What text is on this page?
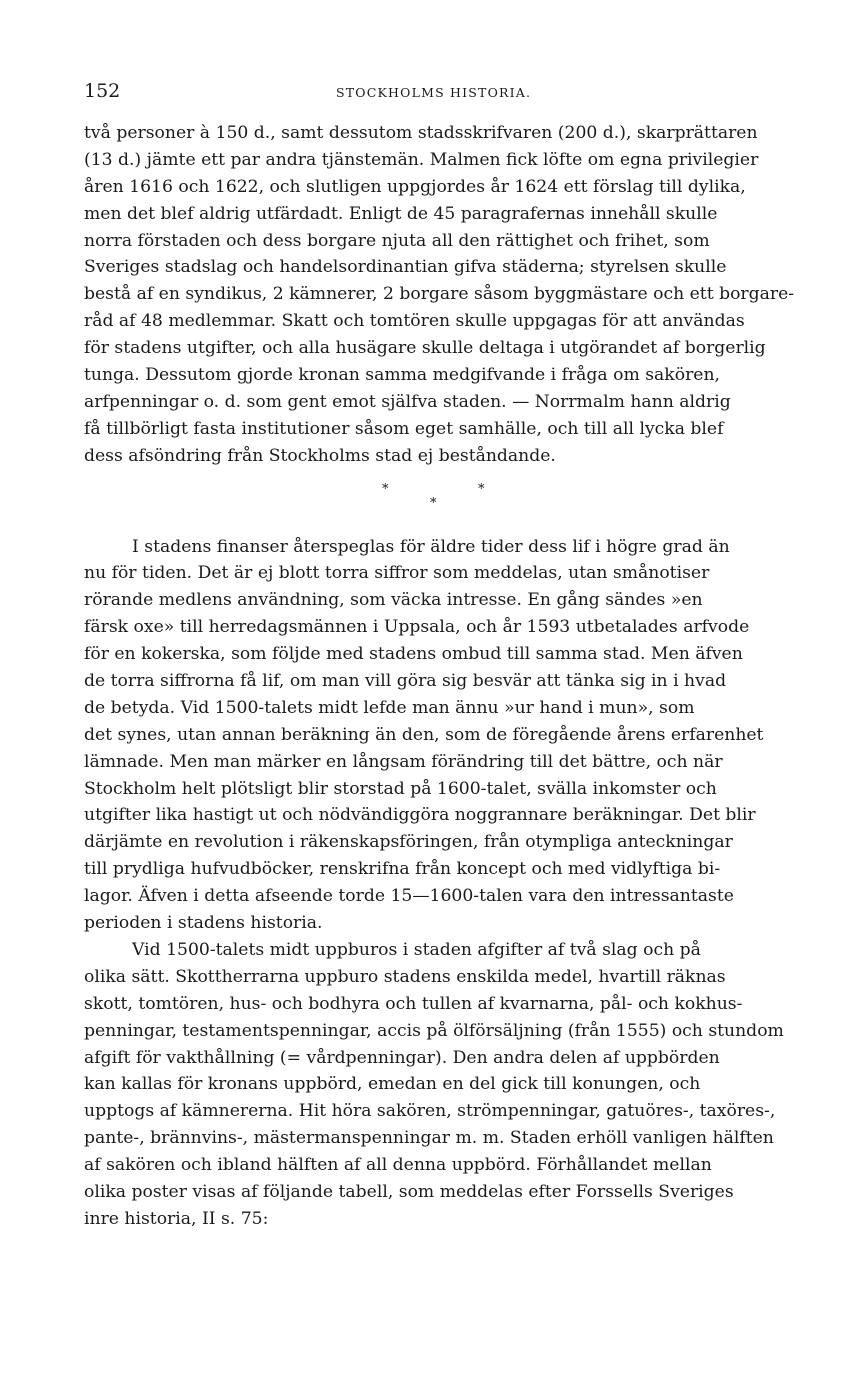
152	STOCKHOLMS HISTORIA.
två personer à 150 d., samt dessutom stadsskrifvaren (200 d.), skarprättaren
(13 d.) jämte ett par andra tjänstemän. Malmen fick löfte om egna privilegier
åren 1616 och 1622, och slutligen uppgjordes år 1624 ett förslag till dylika,
men det blef aldrig utfärdadt. Enligt de 45 paragrafernas innehåll skulle
norra förstaden och dess borgare njuta all den rättighet och frihet, som
Sveriges stadslag och handelsordinantian gifva städerna; styrelsen skulle
bestå af en syndikus, 2 kämnerer, 2 borgare såsom byggmästare och ett borgare-
råd af 48 medlemmar. Skatt och tomtören skulle uppgagas för att användas
för stadens utgifter, och alla husägare skulle deltaga i utgörandet af borgerlig
tunga. Dessutom gjorde kronan samma medgifvande i fråga om sakören,
arfpenningar o. d. som gent emot själfva staden. — Norrmalm hann aldrig
få tillbörligt fasta institutioner såsom eget samhälle, och till all lycka blef
dess afsöndring från Stockholms stad ej beståndande.
*	*
*
I stadens finanser återspeglas för äldre tider dess lif i högre grad än
nu för tiden. Det är ej blott torra siffror som meddelas, utan smånotiser
rörande medlens användning, som väcka intresse. En gång sändes »en
färsk oxe» till herredagsmännen i Uppsala, och år 1593 utbetalades arfvode
för en kokerska, som följde med stadens ombud till samma stad. Men äfven
de torra siffrorna få lif, om man vill göra sig besvär att tänka sig in i hvad
de betyda. Vid 1500-talets midt lefde man ännu »ur hand i mun», som
det synes, utan annan beräkning än den, som de föregående årens erfarenhet
lämnade. Men man märker en långsam förändring till det bättre, och när
Stockholm helt plötsligt blir storstad på 1600-talet, svälla inkomster och
utgifter lika hastigt ut och nödvändiggöra noggrannare beräkningar. Det blir
därjämte en revolution i räkenskapsföringen, från otympliga anteckningar
till prydliga hufvudböcker, renskrifna från koncept och med vidlyftiga bi-
lagor. Äfven i detta afseende torde 15—1600-talen vara den intressantaste
perioden i stadens historia.
Vid 1500-talets midt uppburos i staden afgifter af två slag och på
olika sätt. Skottherrarna uppburo stadens enskilda medel, hvartill räknas
skott, tomtören, hus- och bodhyra och tullen af kvarnarna, pål- och kokhus-
penningar, testamentspenningar, accis på ölförsäljning (från 1555) och stundom
afgift för vakthållning (= vårdpenningar). Den andra delen af uppbörden
kan kallas för kronans uppbörd, emedan en del gick till konungen, och
upptogs af kämnererna. Hit höra sakören, strömpenningar, gatuöres-, taxöres-,
pante-, brännvins-, mästermanspenningar m. m. Staden erhöll vanligen hälften
af sakören och ibland hälften af all denna uppbörd. Förhållandet mellan
olika poster visas af följande tabell, som meddelas efter Forssells Sveriges
inre historia, II s. 75:
